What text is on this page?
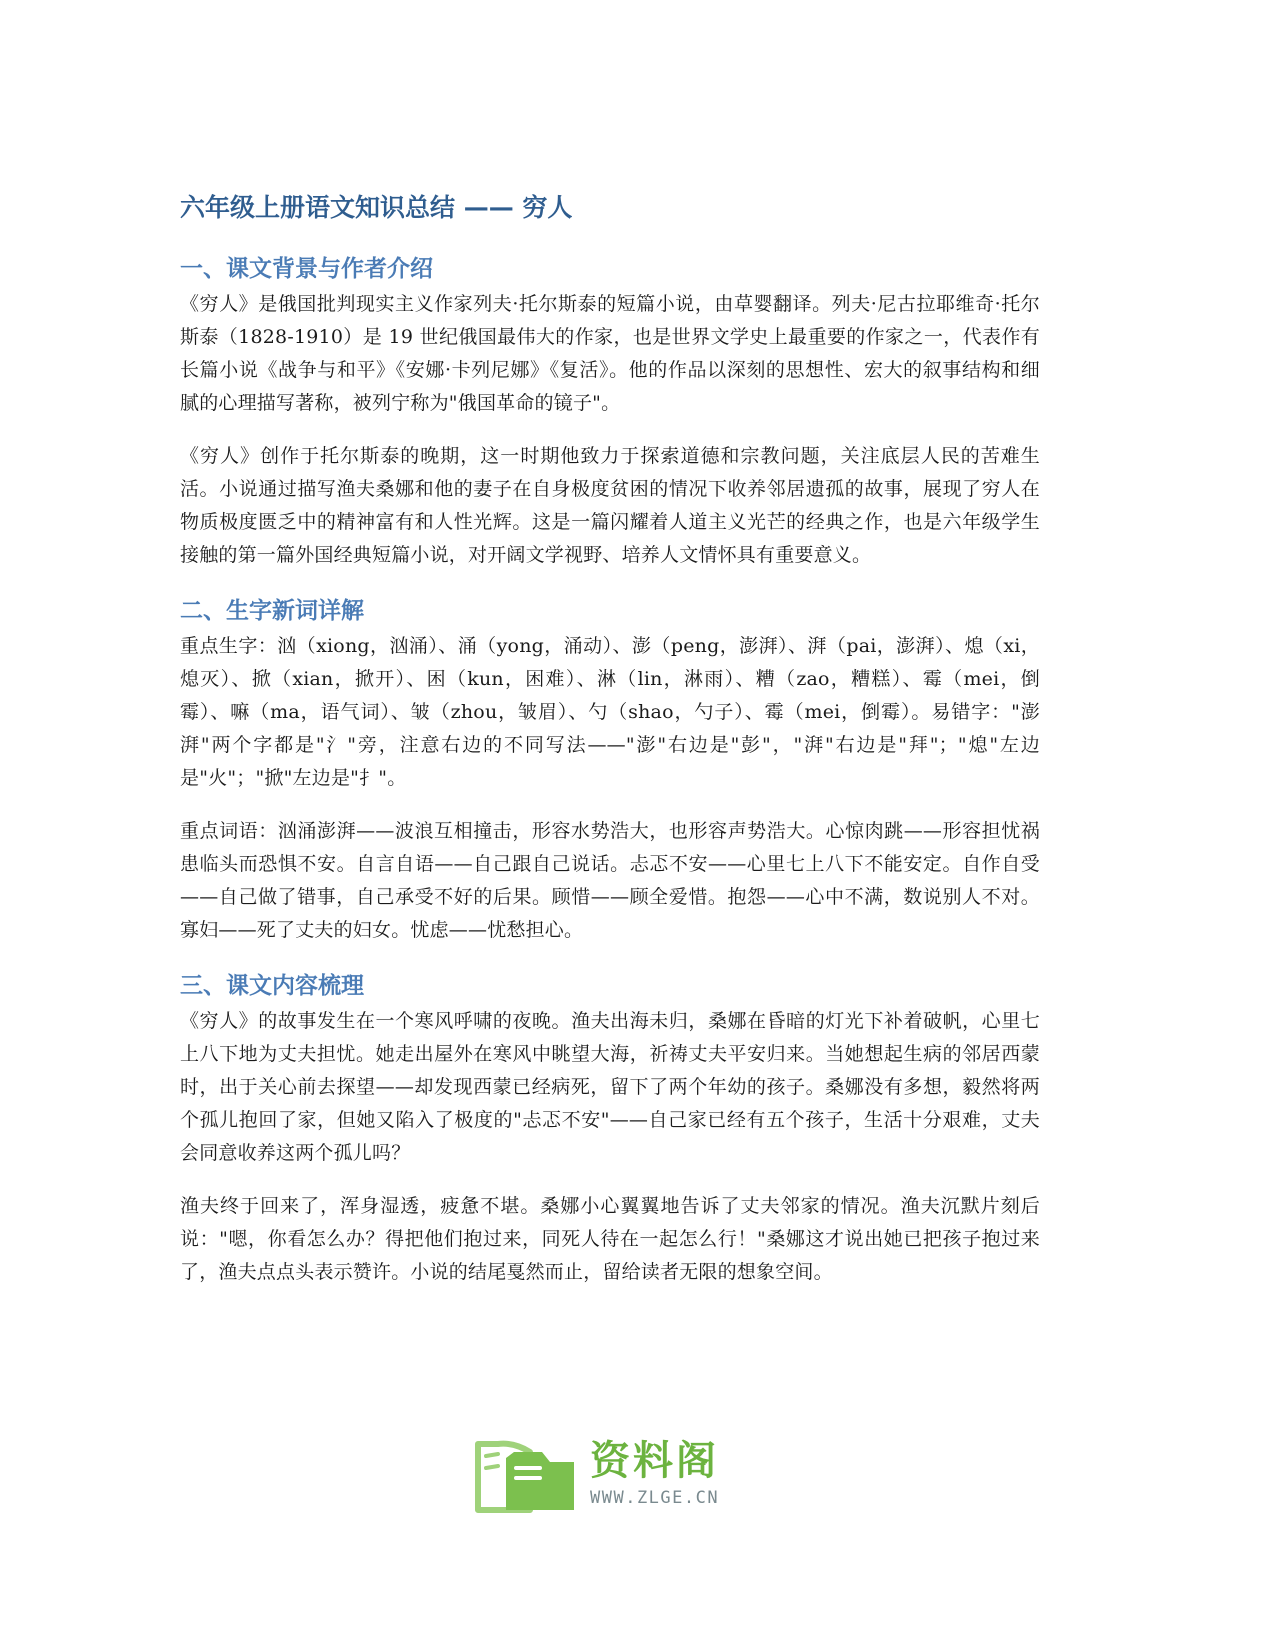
六年级上册语文知识总结 —— 穷人
一、课文背景与作者介绍

《穷人》是俄国批判现实主义作家列夫·托尔斯泰的短篇小说，由草婴翻译。列夫·尼古拉耶维奇·托尔斯泰（1828-1910）是 19 世纪俄国最伟大的作家，也是世界文学史上最重要的作家之一，代表作有长篇小说《战争与和平》《安娜·卡列尼娜》《复活》。他的作品以深刻的思想性、宏大的叙事结构和细腻的心理描写著称，被列宁称为"俄国革命的镜子"。

《穷人》创作于托尔斯泰的晚期，这一时期他致力于探索道德和宗教问题，关注底层人民的苦难生活。小说通过描写渔夫桑娜和他的妻子在自身极度贫困的情况下收养邻居遗孤的故事，展现了穷人在物质极度匮乏中的精神富有和人性光辉。这是一篇闪耀着人道主义光芒的经典之作，也是六年级学生接触的第一篇外国经典短篇小说，对开阔文学视野、培养人文情怀具有重要意义。

二、生字新词详解

重点生字：汹（xiong，汹涌）、涌（yong，涌动）、澎（peng，澎湃）、湃（pai，澎湃）、熄（xi，熄灭）、掀（xian，掀开）、困（kun，困难）、淋（lin，淋雨）、糟（zao，糟糕）、霉（mei，倒霉）、嘛（ma，语气词）、皱（zhou，皱眉）、勺（shao，勺子）、霉（mei，倒霉）。易错字："澎湃"两个字都是"氵"旁，注意右边的不同写法——"澎"右边是"彭"，"湃"右边是"拜"；"熄"左边是"火"；"掀"左边是"扌"。

重点词语：汹涌澎湃——波浪互相撞击，形容水势浩大，也形容声势浩大。心惊肉跳——形容担忧祸患临头而恐惧不安。自言自语——自己跟自己说话。忐忑不安——心里七上八下不能安定。自作自受——自己做了错事，自己承受不好的后果。顾惜——顾全爱惜。抱怨——心中不满，数说别人不对。寡妇——死了丈夫的妇女。忧虑——忧愁担心。

三、课文内容梳理

《穷人》的故事发生在一个寒风呼啸的夜晚。渔夫出海未归，桑娜在昏暗的灯光下补着破帆，心里七上八下地为丈夫担忧。她走出屋外在寒风中眺望大海，祈祷丈夫平安归来。当她想起生病的邻居西蒙时，出于关心前去探望——却发现西蒙已经病死，留下了两个年幼的孩子。桑娜没有多想，毅然将两个孤儿抱回了家，但她又陷入了极度的"忐忑不安"——自己家已经有五个孩子，生活十分艰难，丈夫会同意收养这两个孤儿吗？

渔夫终于回来了，浑身湿透，疲惫不堪。桑娜小心翼翼地告诉了丈夫邻家的情况。渔夫沉默片刻后说："嗯，你看怎么办？得把他们抱过来，同死人待在一起怎么行！"桑娜这才说出她已把孩子抱过来了，渔夫点点头表示赞许。小说的结尾戛然而止，留给读者无限的想象空间。

资料阁
WWW.ZLGE.CN
